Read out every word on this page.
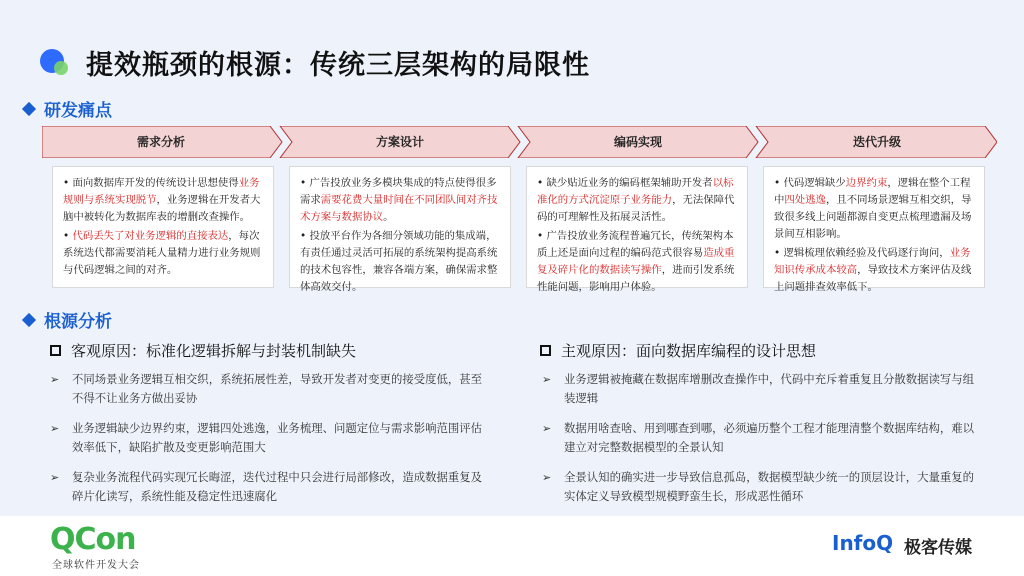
提效瓶颈的根源：传统三层架构的局限性
研发痛点
需求分析	方案设计	编码实现	迭代升级

• 面向数据库开发的传统设计思想使得业务规则与系统实现脱节，业务逻辑在开发者大脑中被转化为数据库表的增删改查操作。

• 代码丢失了对业务逻辑的直接表达，每次系统迭代都需要消耗人量精力进行业务规则与代码逻辑之间的对齐。

• 广告投放业务多模块集成的特点使得很多需求需要花费大量时间在不同团队间对齐技术方案与数据协议。

• 投放平台作为各细分领域功能的集成端，有责任通过灵活可拓展的系统架构提高系统的技术包容性，兼容各端方案，确保需求整体高效交付。

• 缺少贴近业务的编码框架辅助开发者以标准化的方式沉淀原子业务能力，无法保障代码的可理解性及拓展灵活性。

• 广告投放业务流程普遍冗长，传统架构本质上还是面向过程的编码范式很容易造成重复及碎片化的数据读写操作，进而引发系统性能问题，影响用户体验。

• 代码逻辑缺少边界约束，逻辑在整个工程中四处逃逸，且不同场景逻辑互相交织，导致很多线上问题都源自变更点梳理遗漏及场景间互相影响。

• 逻辑梳理依赖经验及代码逐行询问，业务知识传承成本较高，导致技术方案评估及线上问题排查效率低下。

根源分析
客观原因：标准化逻辑拆解与封装机制缺失	主观原因：面向数据库编程的设计思想
➢ 不同场景业务逻辑互相交织，系统拓展性差，导致开发者对变更的接受度低，甚至不得不让业务方做出妥协
➢ 业务逻辑缺少边界约束，逻辑四处逃逸，业务梳理、问题定位与需求影响范围评估效率低下，缺陷扩散及变更影响范围大
➢ 复杂业务流程代码实现冗长晦涩，迭代过程中只会进行局部修改，造成数据重复及碎片化读写，系统性能及稳定性迅速腐化
➢ 业务逻辑被掩藏在数据库增删改查操作中，代码中充斥着重复且分散数据读写与组装逻辑
➢ 数据用啥查啥、用到哪查到哪，必须遍历整个工程才能理清整个数据库结构，难以建立对完整数据模型的全景认知
➢ 全景认知的确实进一步导致信息孤岛，数据模型缺少统一的顶层设计，大量重复的实体定义导致模型规模野蛮生长，形成恶性循环
QCon
全球软件开发大会
InfoQ 极客传媒
